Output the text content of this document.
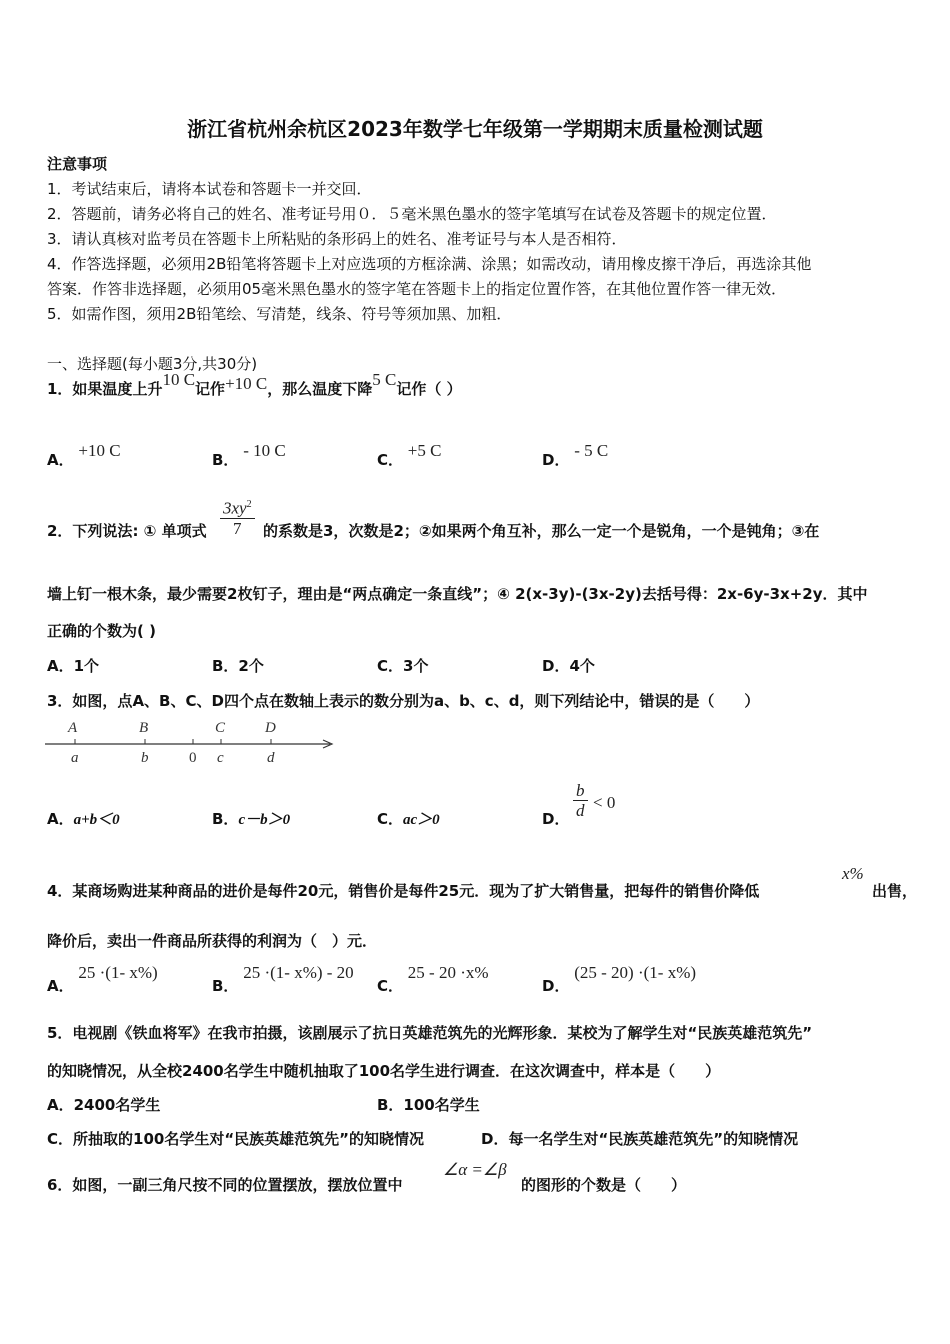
浙江省杭州余杭区2023年数学七年级第一学期期末质量检测试题
注意事项
1．考试结束后，请将本试卷和答题卡一并交回．
2．答题前，请务必将自己的姓名、准考证号用０．５毫米黑色墨水的签字笔填写在试卷及答题卡的规定位置．
3．请认真核对监考员在答题卡上所粘贴的条形码上的姓名、准考证号与本人是否相符．
4．作答选择题，必须用2B铅笔将答题卡上对应选项的方框涂满、涂黑；如需改动，请用橡皮擦干净后，再选涂其他
答案．作答非选择题，必须用05毫米黑色墨水的签字笔在答题卡上的指定位置作答，在其他位置作答一律无效．
5．如需作图，须用2B铅笔绘、写清楚，线条、符号等须加黑、加粗．
一、选择题(每小题3分,共30分)
1．如果温度上升10 C记作+10 C，那么温度下降5 C记作（ ）
A． +10 C	B． - 10 C	C． +5 C	D． - 5 C
2．下列说法: ① 单项式 $\frac{3xy^2}{7}$ 的系数是3，次数是2；②如果两个角互补，那么一定一个是锐角，一个是钝角；③在
墙上钉一根木条，最少需要2枚钉子，理由是“两点确定一条直线”；④ 2(x-3y)-(3x-2y)去括号得：2x-6y-3x+2y．其中
正确的个数为( )
A．1个	B．2个	C．3个	D．4个
3．如图，点A、B、C、D四个点在数轴上表示的数分别为a、b、c、d，则下列结论中，错误的是（　　）
A	B	C	D
a	b	0 c	d
A．a+b＜0	B．c－b＞0	C．ac＞0	D． $\frac{b}{d} < 0$
4．某商场购进某种商品的进价是每件20元，销售价是每件25元．现为了扩大销售量，把每件的销售价降低
x%
出售，
降价后，卖出一件商品所获得的利润为（　）元．
A． 25 ·(1- x%)
B． 25 ·(1- x%) - 20
C． 25 - 20 ·x%
D． (25 - 20) ·(1- x%)
5．电视剧《铁血将军》在我市拍摄，该剧展示了抗日英雄范筑先的光辉形象．某校为了解学生对“民族英雄范筑先”
的知晓情况，从全校2400名学生中随机抽取了100名学生进行调查．在这次调查中，样本是（　　）
A．2400名学生	B．100名学生
C．所抽取的100名学生对“民族英雄范筑先”的知晓情况	D．每一名学生对“民族英雄范筑先”的知晓情况
6．如图，一副三角尺按不同的位置摆放，摆放位置中
∠α =∠β
的图形的个数是（　　）
